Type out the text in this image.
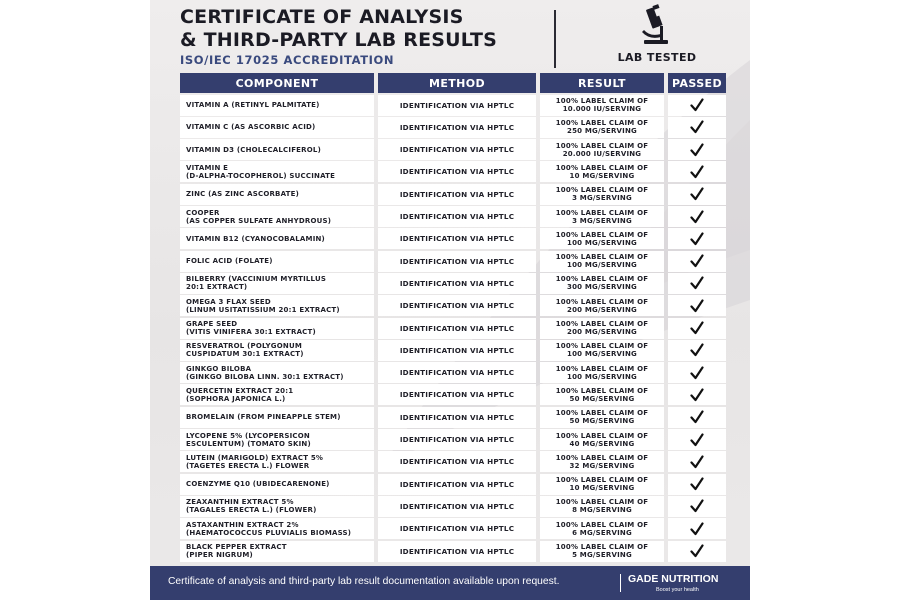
CERTIFICATE OF ANALYSIS
& THIRD-PARTY LAB RESULTS
ISO/IEC 17025 ACCREDITATION	LAB TESTED
COMPONENT	METHOD	RESULT	PASSED
VITAMIN A (RETINYL PALMITATE)	IDENTIFICATION VIA HPTLC	100% LABEL CLAIM OF
10.000 IU/SERVING
VITAMIN C (AS ASCORBIC ACID)	IDENTIFICATION VIA HPTLC	100% LABEL CLAIM OF
250 MG/SERVING
VITAMIN D3 (CHOLECALCIFEROL)	IDENTIFICATION VIA HPTLC	100% LABEL CLAIM OF
20.000 IU/SERVING
VITAMIN E
(D-ALPHA-TOCOPHEROL) SUCCINATE	IDENTIFICATION VIA HPTLC	100% LABEL CLAIM OF
10 MG/SERVING
ZINC (AS ZINC ASCORBATE)	IDENTIFICATION VIA HPTLC	100% LABEL CLAIM OF
3 MG/SERVING
COOPER
(AS COPPER SULFATE ANHYDROUS)	IDENTIFICATION VIA HPTLC	100% LABEL CLAIM OF
3 MG/SERVING
VITAMIN B12 (CYANOCOBALAMIN)	IDENTIFICATION VIA HPTLC	100% LABEL CLAIM OF
100 MG/SERVING
FOLIC ACID (FOLATE)	IDENTIFICATION VIA HPTLC	100% LABEL CLAIM OF
100 MG/SERVING
BILBERRY (VACCINIUM MYRTILLUS
20:1 EXTRACT)	IDENTIFICATION VIA HPTLC	100% LABEL CLAIM OF
300 MG/SERVING
OMEGA 3 FLAX SEED
(LINUM USITATISSIUM 20:1 EXTRACT)	IDENTIFICATION VIA HPTLC	100% LABEL CLAIM OF
200 MG/SERVING
GRAPE SEED
(VITIS VINIFERA 30:1 EXTRACT)	IDENTIFICATION VIA HPTLC	100% LABEL CLAIM OF
200 MG/SERVING
RESVERATROL (POLYGONUM
CUSPIDATUM 30:1 EXTRACT)	IDENTIFICATION VIA HPTLC	100% LABEL CLAIM OF
100 MG/SERVING
GINKGO BILOBA
(GINKGO BILOBA LINN. 30:1 EXTRACT)	IDENTIFICATION VIA HPTLC	100% LABEL CLAIM OF
100 MG/SERVING
QUERCETIN EXTRACT 20:1
(SOPHORA JAPONICA L.)	IDENTIFICATION VIA HPTLC	100% LABEL CLAIM OF
50 MG/SERVING
BROMELAIN (FROM PINEAPPLE STEM)	IDENTIFICATION VIA HPTLC	100% LABEL CLAIM OF
50 MG/SERVING
LYCOPENE 5% (LYCOPERSICON
ESCULENTUM) (TOMATO SKIN)	IDENTIFICATION VIA HPTLC	100% LABEL CLAIM OF
40 MG/SERVING
LUTEIN (MARIGOLD) EXTRACT 5%
(TAGETES ERECTA L.) FLOWER	IDENTIFICATION VIA HPTLC	100% LABEL CLAIM OF
32 MG/SERVING
COENZYME Q10 (UBIDECARENONE)	IDENTIFICATION VIA HPTLC	100% LABEL CLAIM OF
10 MG/SERVING
ZEAXANTHIN EXTRACT 5%
(TAGALES ERECTA L.) (FLOWER)	IDENTIFICATION VIA HPTLC	100% LABEL CLAIM OF
8 MG/SERVING
ASTAXANTHIN EXTRACT 2%
(HAEMATOCOCCUS PLUVIALIS BIOMASS)	IDENTIFICATION VIA HPTLC	100% LABEL CLAIM OF
6 MG/SERVING
BLACK PEPPER EXTRACT
(PIPER NIGRUM)	IDENTIFICATION VIA HPTLC	100% LABEL CLAIM OF
5 MG/SERVING
Certificate of analysis and third-party lab result documentation available upon request.	GADE NUTRITION
Boost your health
